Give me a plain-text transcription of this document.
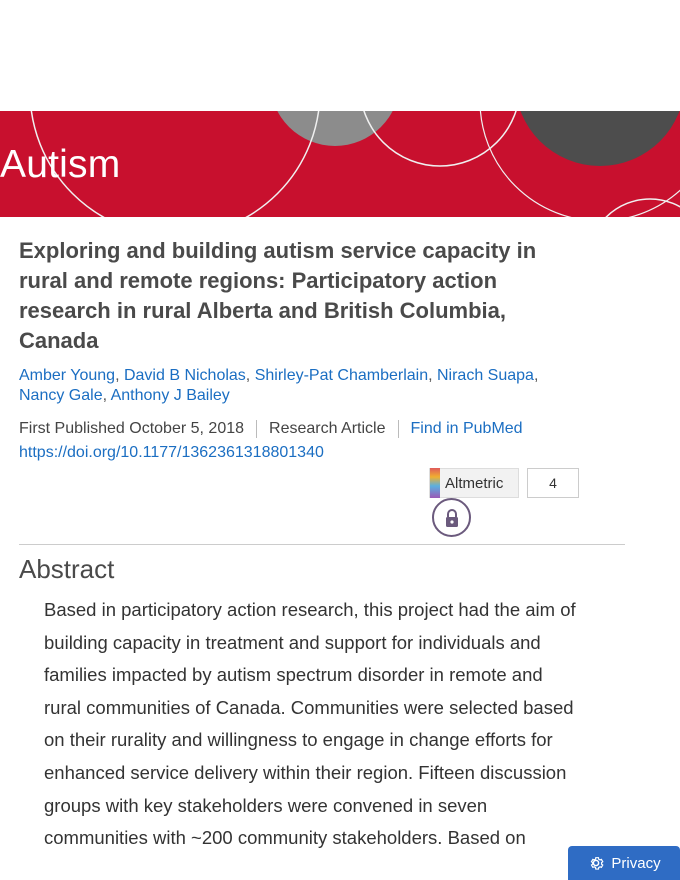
Autism
Exploring and building autism service capacity in rural and remote regions: Participatory action research in rural Alberta and British Columbia, Canada
Amber Young, David B Nicholas, Shirley-Pat Chamberlain, Nirach Suapa,
Nancy Gale, Anthony J Bailey
First Published October 5, 2018 Research Article Find in PubMed
https://doi.org/10.1177/1362361318801340
Altmetric	4
Abstract
Based in participatory action research, this project had the aim of
building capacity in treatment and support for individuals and
families impacted by autism spectrum disorder in remote and
rural communities of Canada. Communities were selected based
on their rurality and willingness to engage in change efforts for
enhanced service delivery within their region. Fifteen discussion
groups with key stakeholders were convened in seven
communities with ~200 community stakeholders. Based on
Privacy
